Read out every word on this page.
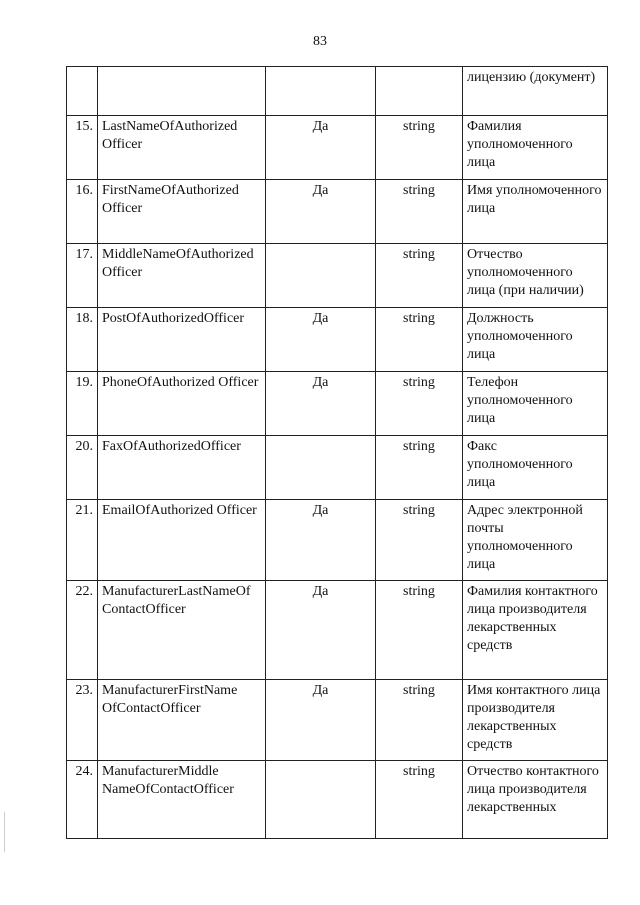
83
				лицензию (документ)
15.	LastNameOfAuthorized Officer	Да	string	Фамилия уполномоченного лица
16.	FirstNameOfAuthorized Officer	Да	string	Имя уполномоченного лица
17.	MiddleNameOfAuthorizedOfficer		string	Отчество уполномоченного лица (при наличии)
18.	PostOfAuthorizedOfficer	Да	string	Должность уполномоченного лица
19.	PhoneOfAuthorized Officer	Да	string	Телефон уполномоченного лица
20.	FaxOfAuthorizedOfficer		string	Факс уполномоченного лица
21.	EmailOfAuthorized Officer	Да	string	Адрес электронной почты уполномоченного лица
22.	ManufacturerLastNameOf ContactOfficer	Да	string	Фамилия контактного лица производителя лекарственных средств
23.	ManufacturerFirstName OfContactOfficer	Да	string	Имя контактного лица производителя лекарственных средств
24.	ManufacturerMiddle NameOfContactOfficer		string	Отчество контактного лица производителя лекарственных
